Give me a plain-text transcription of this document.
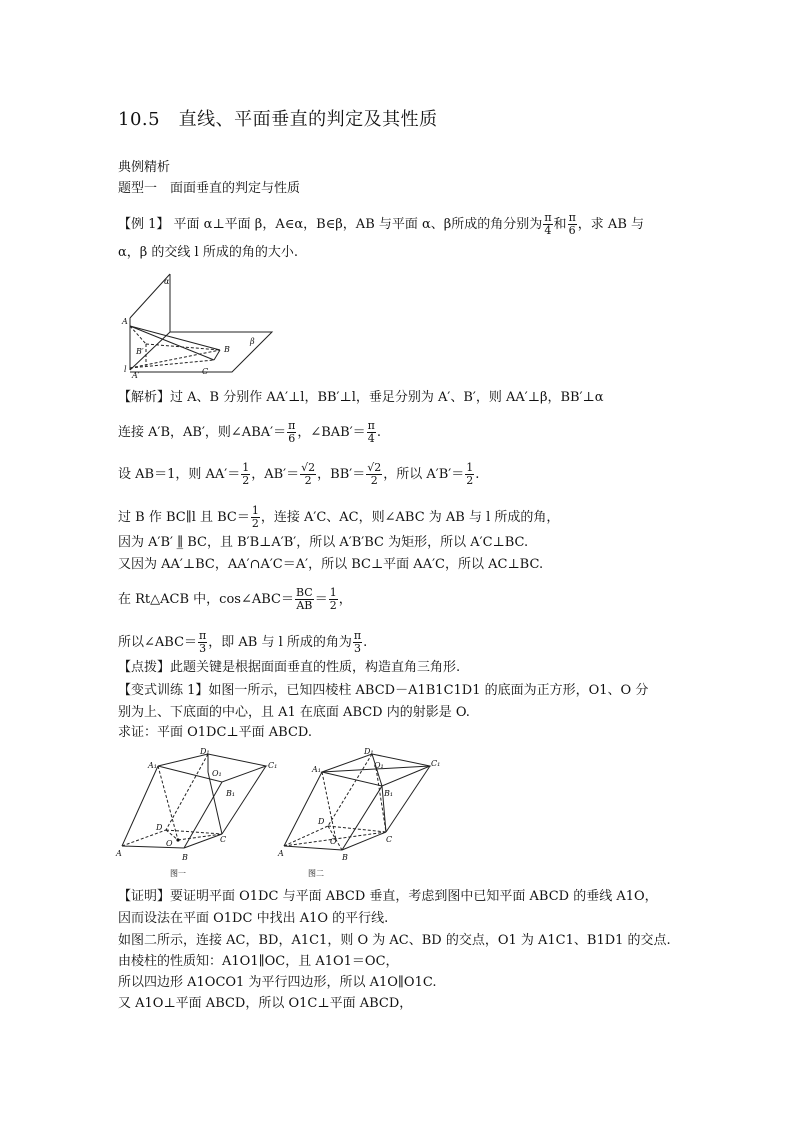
10.5　直线、平面垂直的判定及其性质
典例精析
题型一　面面垂直的判定与性质
【例 1】 平面 α⊥平面 β，A∈α，B∈β，AB 与平面 α、β所成的角分别为 $\frac{\pi}{4}$ 和 $\frac{\pi}{6}$ ，求 AB 与
α，β 的交线 l 所成的角的大小.
α
β
A
B
B′
C
A′
l
【解析】过 A、B 分别作 AA′⊥l，BB′⊥l，垂足分别为 A′、B′，则 AA′⊥β，BB′⊥α
连接 A′B，AB′，则∠ABA′＝ $\frac{\pi}{6}$ ，∠BAB′＝ $\frac{\pi}{4}$ .
设 AB＝1，则 $AA'= \frac{1}{2}$ ，$AB'= \frac{√2}{2}$ ，$BB'= \frac{√2}{2}$ ，所以 $A'B'= \frac{1}{2}$ .
过 B 作 BC∥l 且 $BC= \frac{1}{2}$ ，连接 A′C、AC，则∠ABC 为 AB 与 l 所成的角，
因为 A′B′ ∥̲ BC，且 B′B⊥A′B′，所以 A′B′BC 为矩形，所以 A′C⊥BC.
又因为 AA′⊥BC，AA′∩A′C＝A′，所以 BC⊥平面 AA′C，所以 AC⊥BC.
在 Rt△ACB 中，cos∠ABC＝ $\frac{BC}{AB} = \frac{1}{2}$ ，
所以∠ABC＝ $\frac{\pi}{3}$ ，即 AB 与 l 所成的角为 $\frac{\pi}{3}$ .
【点拨】此题关键是根据面面垂直的性质，构造直角三角形.
【变式训练 1】如图一所示，已知四棱柱 ABCD－A1B1C1D1 的底面为正方形，O1、O 分
别为上、下底面的中心，且 A1 在底面 ABCD 内的射影是 O.
求证：平面 O1DC⊥平面 ABCD.
D₁
C₁
A₁
O₁
B₁
D
C
O
A	B
图一
D₁
C₁
A₁	O₁
B₁
D
C
O
A	B
图二
【证明】要证明平面 O1DC 与平面 ABCD 垂直，考虑到图中已知平面 ABCD 的垂线 A1O，
因而设法在平面 O1DC 中找出 A1O 的平行线.
如图二所示，连接 AC，BD，A1C1，则 O 为 AC、BD 的交点，O1 为 A1C1、B1D1 的交点.
由棱柱的性质知：A1O1∥OC，且 A1O1＝OC，
所以四边形 A1OCO1 为平行四边形，所以 A1O∥O1C.
又 A1O⊥平面 ABCD，所以 O1C⊥平面 ABCD，
